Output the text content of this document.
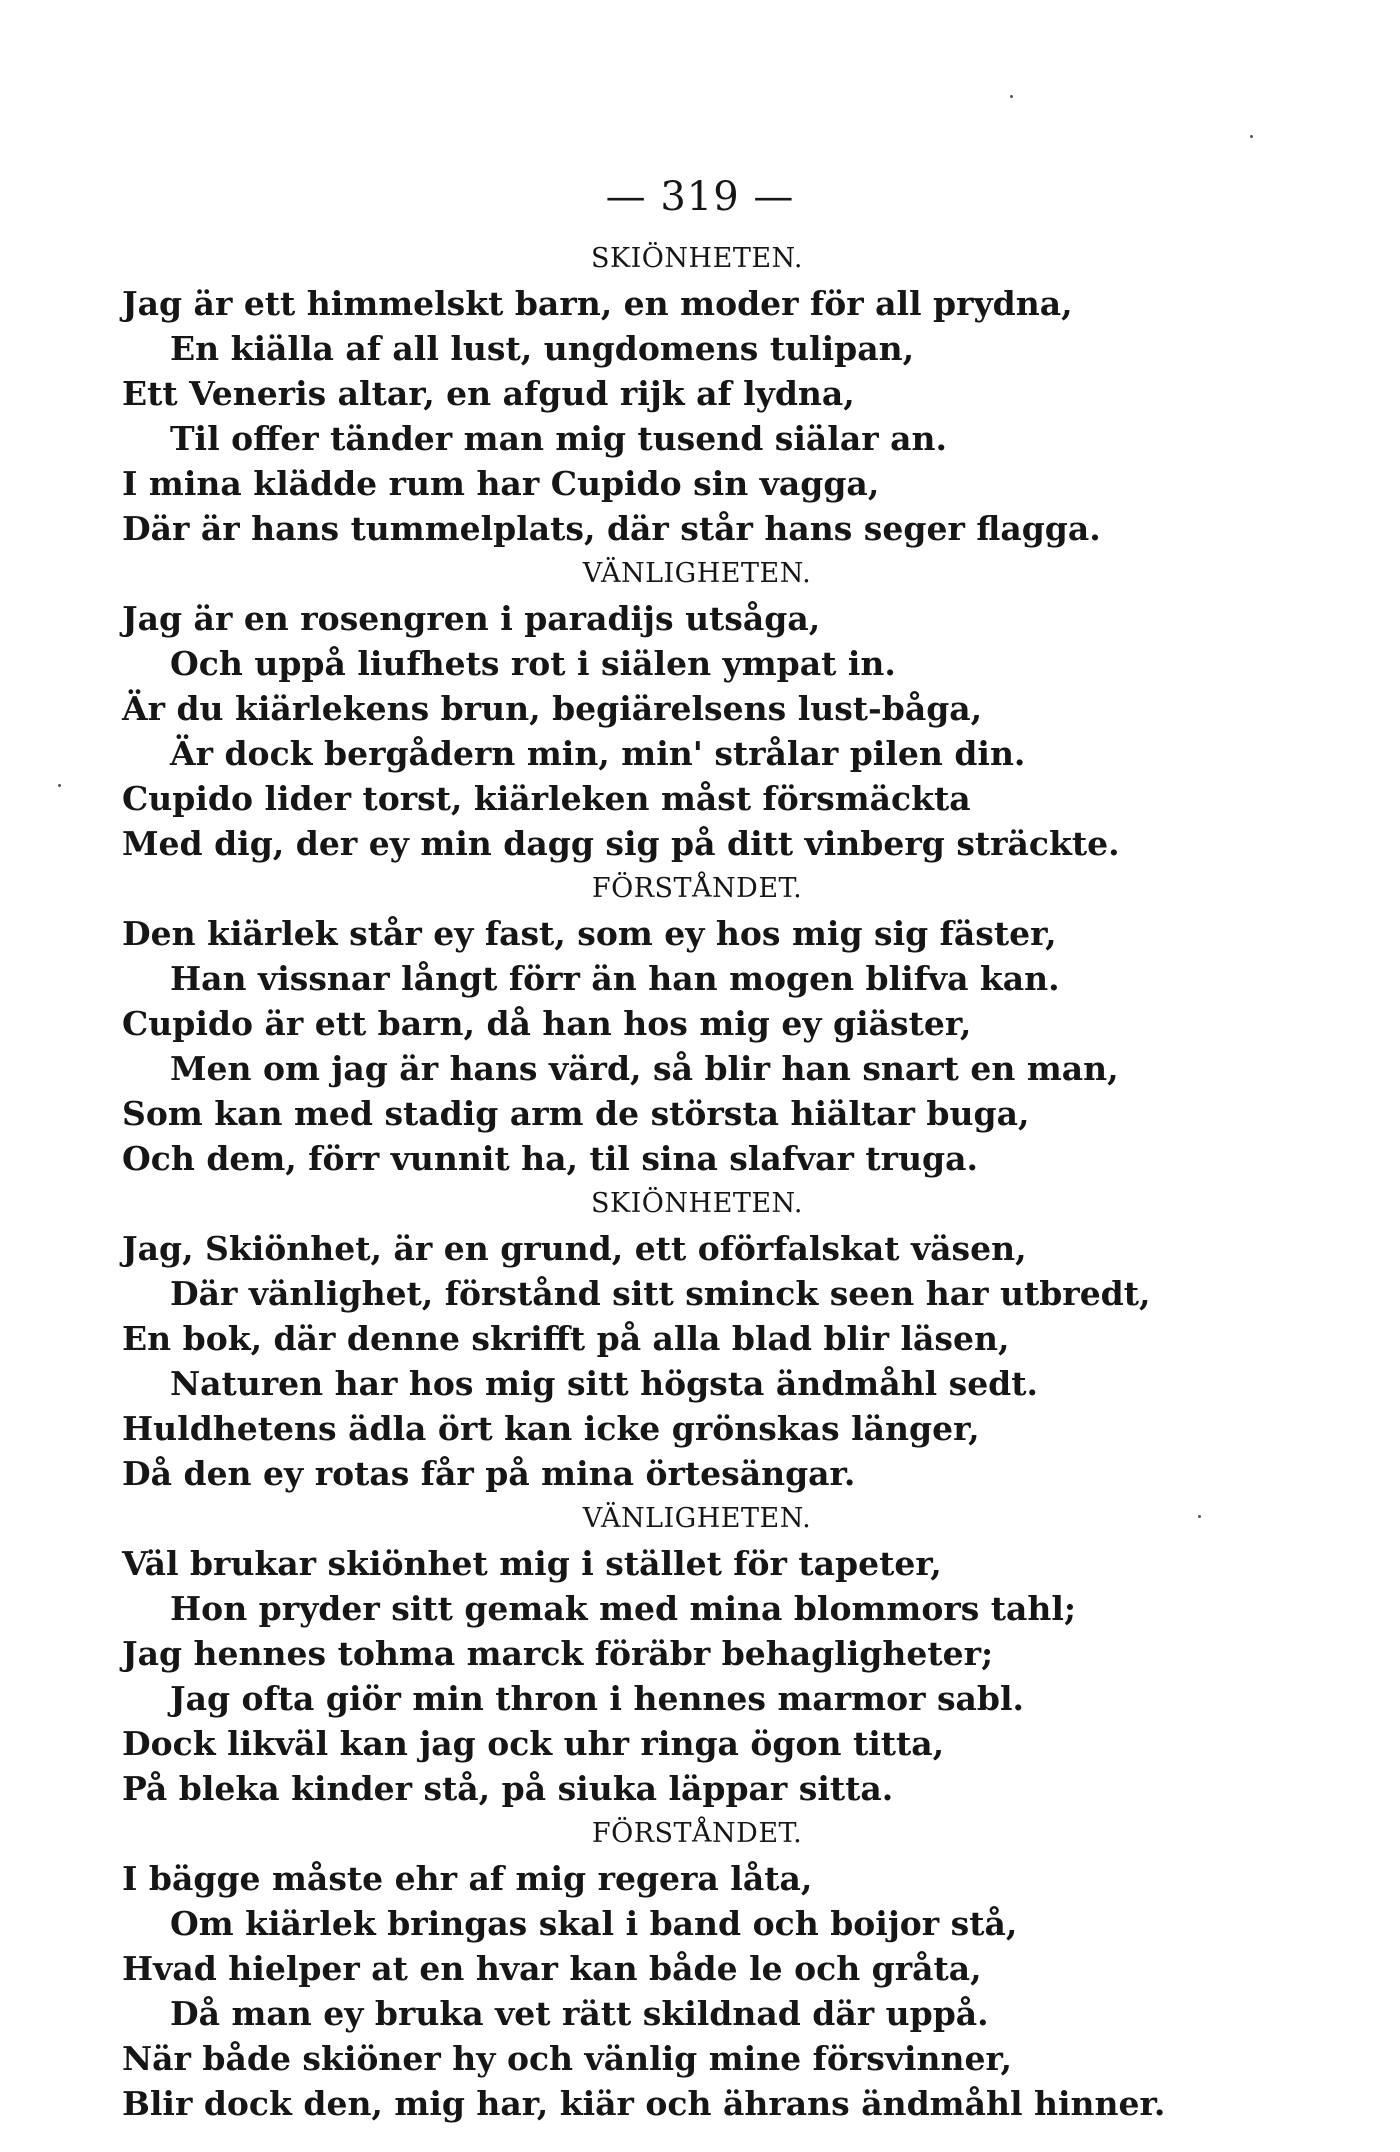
— 319 —
SKIÖNHETEN.
Jag är ett himmelskt barn, en moder för all prydna,
En kiälla af all lust, ungdomens tulipan,
Ett Veneris altar, en afgud rijk af lydna,
Til offer tänder man mig tusend siälar an.
I mina klädde rum har Cupido sin vagga,
Där är hans tummelplats, där står hans seger flagga.
VÄNLIGHETEN.
Jag är en rosengren i paradijs utsåga,
Och uppå liufhets rot i siälen ympat in.
Är du kiärlekens brun, begiärelsens lust-båga,
Är dock bergådern min, min' strålar pilen din.
Cupido lider torst, kiärleken måst försmäckta
Med dig, der ey min dagg sig på ditt vinberg sträckte.
FÖRSTÅNDET.
Den kiärlek står ey fast, som ey hos mig sig fäster,
Han vissnar långt förr än han mogen blifva kan.
Cupido är ett barn, då han hos mig ey giäster,
Men om jag är hans värd, så blir han snart en man,
Som kan med stadig arm de största hiältar buga,
Och dem, förr vunnit ha, til sina slafvar truga.
SKIÖNHETEN.
Jag, Skiönhet, är en grund, ett oförfalskat väsen,
Där vänlighet, förstånd sitt sminck seen har utbredt,
En bok, där denne skrifft på alla blad blir läsen,
Naturen har hos mig sitt högsta ändmåhl sedt.
Huldhetens ädla ört kan icke grönskas länger,
Då den ey rotas får på mina örtesängar.
VÄNLIGHETEN.
Väl brukar skiönhet mig i stället för tapeter,
Hon pryder sitt gemak med mina blommors tahl;
Jag hennes tohma marck föräbr behagligheter;
Jag ofta giör min thron i hennes marmor sabl.
Dock likväl kan jag ock uhr ringa ögon titta,
På bleka kinder stå, på siuka läppar sitta.
FÖRSTÅNDET.
I bägge måste ehr af mig regera låta,
Om kiärlek bringas skal i band och boijor stå,
Hvad hielper at en hvar kan både le och gråta,
Då man ey bruka vet rätt skildnad där uppå.
När både skiöner hy och vänlig mine försvinner,
Blir dock den, mig har, kiär och ährans ändmåhl hinner.
